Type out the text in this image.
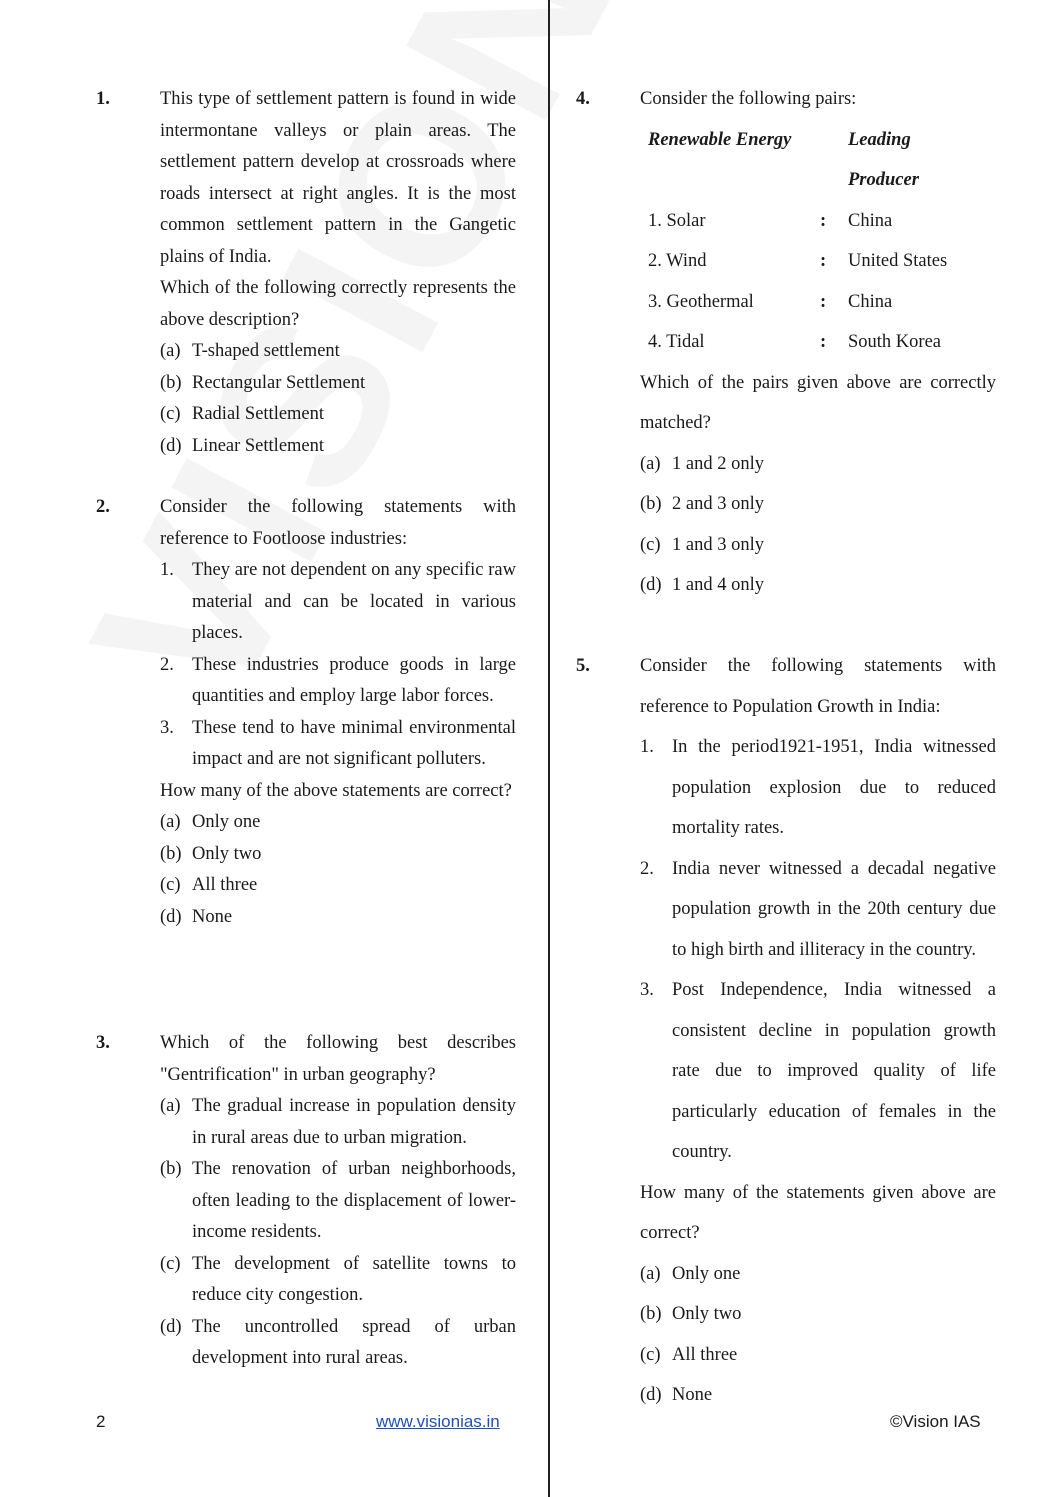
1.	This type of settlement pattern is found in wide intermontane valleys or plain areas. The settlement pattern develop at crossroads where roads intersect at right angles. It is the most common settlement pattern in the Gangetic plains of India.
Which of the following correctly represents the above description?
(a) T-shaped settlement
(b) Rectangular Settlement
(c) Radial Settlement
(d) Linear Settlement
2.	Consider the following statements with reference to Footloose industries:
1. They are not dependent on any specific raw material and can be located in various places.
2. These industries produce goods in large quantities and employ large labor forces.
3. These tend to have minimal environmental impact and are not significant polluters.
How many of the above statements are correct?
(a) Only one
(b) Only two
(c) All three
(d) None
3.	Which of the following best describes "Gentrification" in urban geography?
(a) The gradual increase in population density in rural areas due to urban migration.
(b) The renovation of urban neighborhoods, often leading to the displacement of lower-income residents.
(c) The development of satellite towns to reduce city congestion.
(d) The uncontrolled spread of urban development into rural areas.
4.	Consider the following pairs:
Renewable Energy	Leading
Producer
1. Solar	:	China
2. Wind	:	United States
3. Geothermal	:	China
4. Tidal	:	South Korea
Which of the pairs given above are correctly matched?
(a) 1 and 2 only
(b) 2 and 3 only
(c) 1 and 3 only
(d) 1 and 4 only
5.	Consider the following statements with reference to Population Growth in India:
1. In the period1921-1951, India witnessed population explosion due to reduced mortality rates.
2. India never witnessed a decadal negative population growth in the 20th century due to high birth and illiteracy in the country.
3. Post Independence, India witnessed a consistent decline in population growth rate due to improved quality of life particularly education of females in the country.
How many of the statements given above are correct?
(a) Only one
(b) Only two
(c) All three
(d) None
2	www.visionias.in	©Vision IAS
